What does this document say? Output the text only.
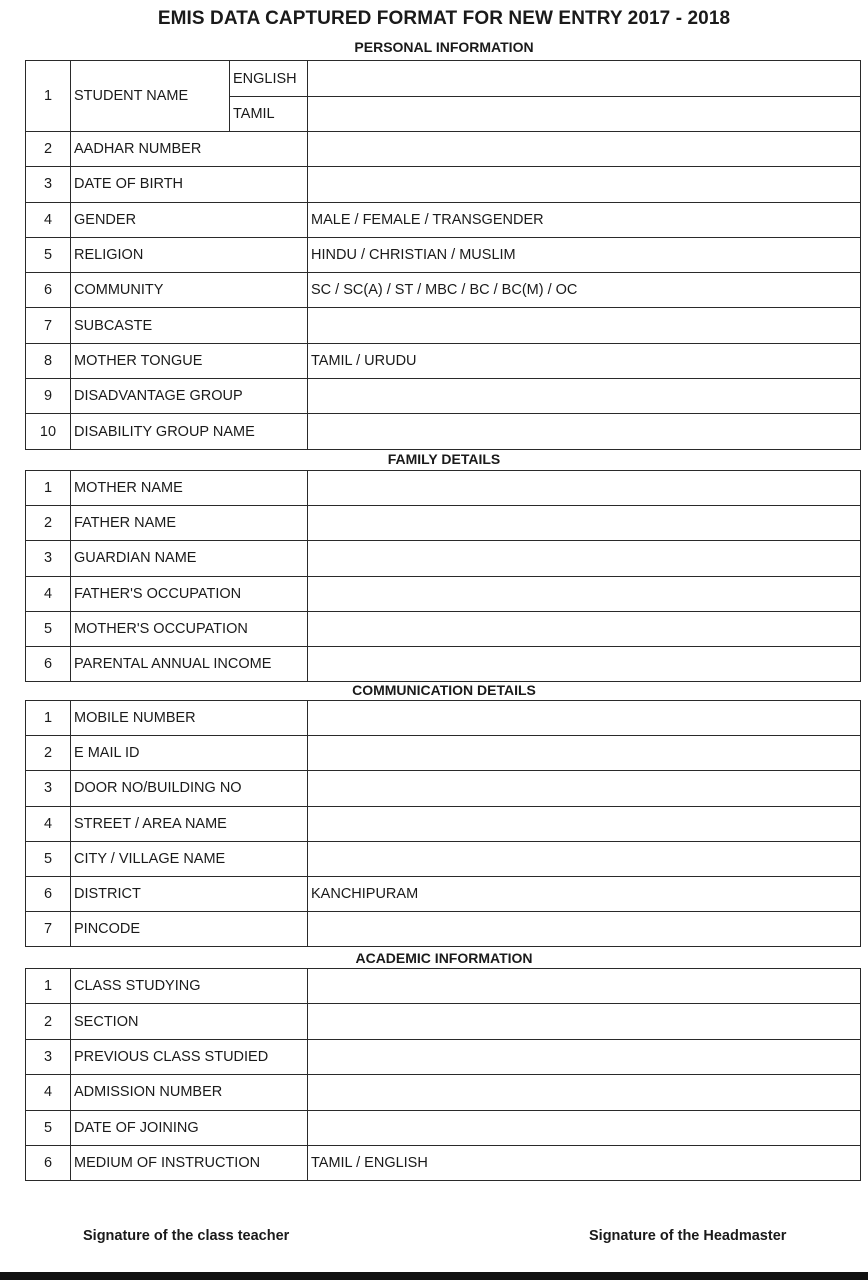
EMIS DATA CAPTURED FORMAT FOR NEW ENTRY 2017 - 2018
PERSONAL INFORMATION
1	STUDENT NAME	ENGLISH	
		TAMIL	
2	AADHAR NUMBER		
3	DATE OF BIRTH		
4	GENDER		MALE / FEMALE / TRANSGENDER
5	RELIGION		HINDU / CHRISTIAN / MUSLIM
6	COMMUNITY		SC / SC(A) / ST / MBC / BC / BC(M) / OC
7	SUBCASTE		
8	MOTHER TONGUE		TAMIL / URUDU
9	DISADVANTAGE GROUP		
10	DISABILITY GROUP NAME		
FAMILY DETAILS
1	MOTHER NAME	
2	FATHER NAME	
3	GUARDIAN NAME	
4	FATHER'S OCCUPATION	
5	MOTHER'S OCCUPATION	
6	PARENTAL ANNUAL INCOME	
COMMUNICATION DETAILS
1	MOBILE NUMBER	
2	E MAIL ID	
3	DOOR NO/BUILDING NO	
4	STREET / AREA NAME	
5	CITY / VILLAGE NAME	
6	DISTRICT	KANCHIPURAM
7	PINCODE	
ACADEMIC INFORMATION
1	CLASS STUDYING	
2	SECTION	
3	PREVIOUS CLASS STUDIED	
4	ADMISSION NUMBER	
5	DATE OF JOINING	
6	MEDIUM OF INSTRUCTION	TAMIL / ENGLISH
Signature of the class teacher	Signature of the Headmaster
